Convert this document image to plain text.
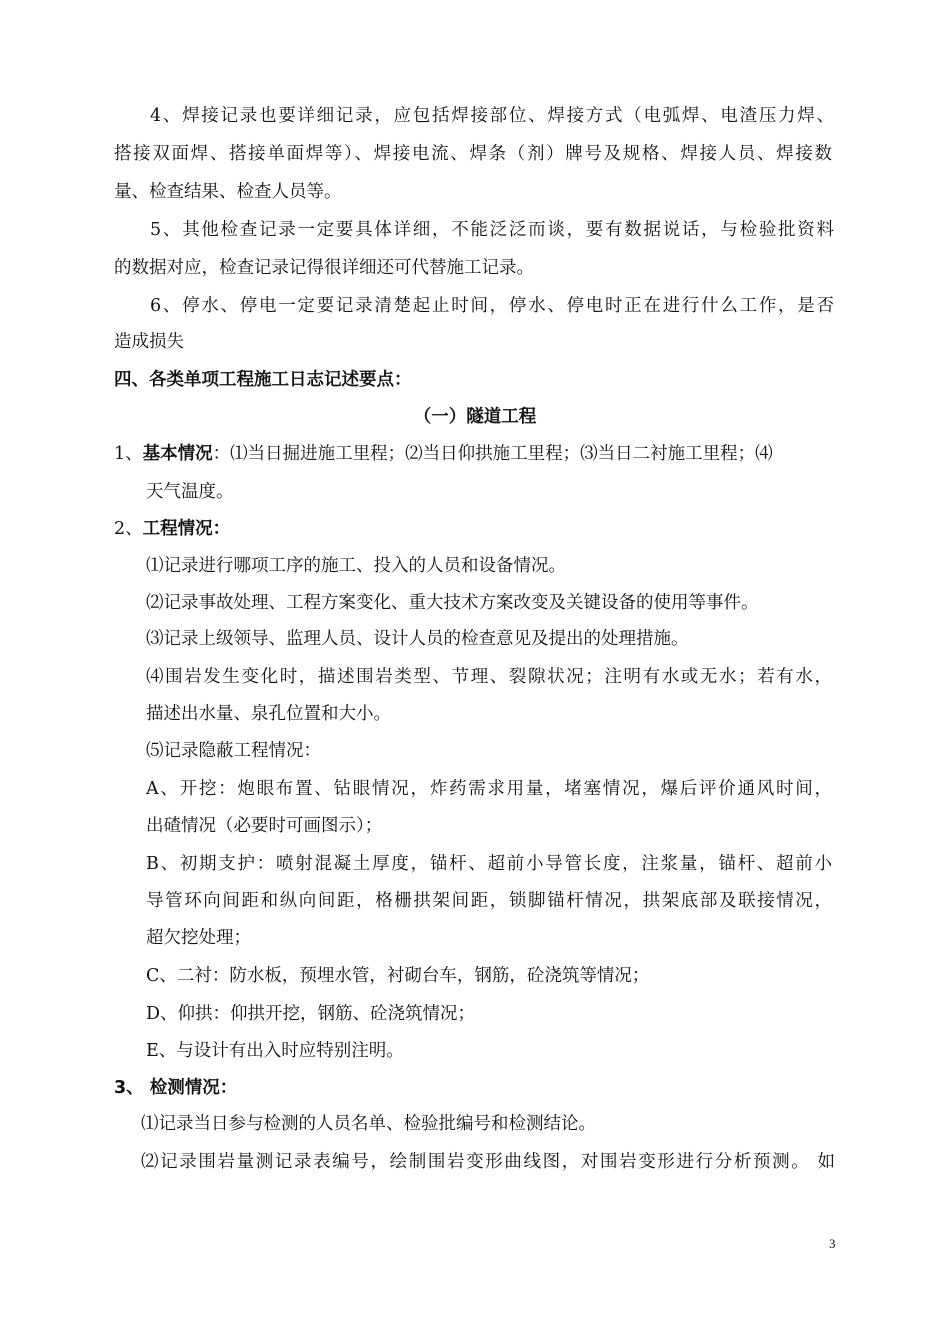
4、焊接记录也要详细记录，应包括焊接部位、焊接方式（电弧焊、电渣压力焊、
搭接双面焊、搭接单面焊等）、焊接电流、焊条（剂）牌号及规格、焊接人员、焊接数
量、检查结果、检查人员等。
5、其他检查记录一定要具体详细，不能泛泛而谈，要有数据说话，与检验批资料
的数据对应，检查记录记得很详细还可代替施工记录。
6、停水、停电一定要记录清楚起止时间，停水、停电时正在进行什么工作，是否
造成损失
四、各类单项工程施工日志记述要点：
（一）隧道工程
1、基本情况：⑴当日掘进施工里程；⑵当日仰拱施工里程；⑶当日二衬施工里程；⑷
天气温度。
2、工程情况：
⑴记录进行哪项工序的施工、投入的人员和设备情况。
⑵记录事故处理、工程方案变化、重大技术方案改变及关键设备的使用等事件。
⑶记录上级领导、监理人员、设计人员的检查意见及提出的处理措施。
⑷围岩发生变化时，描述围岩类型、节理、裂隙状况；注明有水或无水；若有水，
描述出水量、泉孔位置和大小。
⑸记录隐蔽工程情况：
A、开挖：炮眼布置、钻眼情况，炸药需求用量，堵塞情况，爆后评价通风时间，
出碴情况（必要时可画图示）；
B、初期支护：喷射混凝土厚度，锚杆、超前小导管长度，注浆量，锚杆、超前小
导管环向间距和纵向间距，格栅拱架间距，锁脚锚杆情况，拱架底部及联接情况，
超欠挖处理；
C、二衬：防水板，预埋水管，衬砌台车，钢筋，砼浇筑等情况；
D、仰拱：仰拱开挖，钢筋、砼浇筑情况；
E、与设计有出入时应特别注明。
3、 检测情况：
⑴记录当日参与检测的人员名单、检验批编号和检测结论。
⑵记录围岩量测记录表编号，绘制围岩变形曲线图，对围岩变形进行分析预测。 如
3
